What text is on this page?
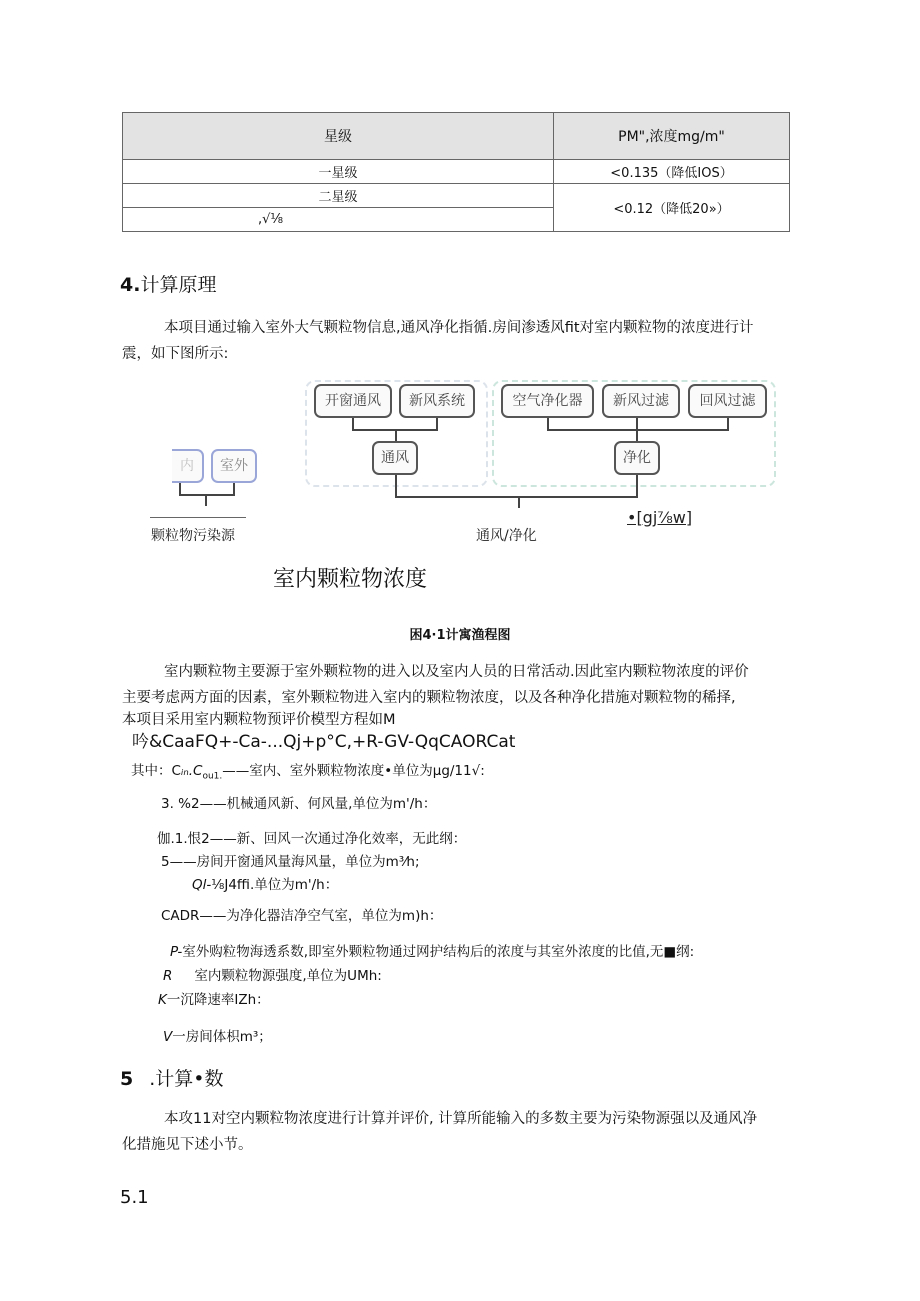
星级	PM",浓度mg∕m"
一星级	<0.135（降低IOS）
二星级	<0.12（降低20»）
,√⅛	
4.计算原理
本项目通过输入室外大气颗粒物信息,通风净化指循.房间渗透风fit对室内颗粒物的浓度进行计

震，如下图所示:
内	室外
颗粒物污染源
开窗通风	新风系统
通风
空气净化器	新风过滤	回风过滤
净化
通风/净化
•[gj⅞w]
室内颗粒物浓度
困4·1计寓渔程图
室内颗粒物主要源于室外颗粒物的进入以及室内人员的日常活动.因此室内颗粒物浓度的评价
主要考虑两方面的因素，室外颗粒物进入室内的颗粒物浓度，以及各种净化措施对颗粒物的稀择,
本项目采用室内颗粒物预评价模型方程如M
吟&CaaFQ+-Ca-...Qj+p°C,+R-GV-QqCAORCat
其中：$Cᵢ_n.C_{ou1.}——$室内、室外颗粒物浓度•单位为μg∕11√:
3. %2——机械通风新、何风量,单位为m'/h：
伽.1.恨2——新、回风一次通过净化效率，无此纲：
5——房间开窗通风量海风量，单位为m³⁄h;
Ql-⅛J4ffi.单位为m'/h：
CADR——为净化器洁净空气室，单位为m)h：
P-室外购粒物海透系数,即室外颗粒物通过网护结构后的浓度与其室外浓度的比值,无■纲:
R 室内颗粒物源强度,单位为UMh:
K一沉降速率IZh：
V一房间体枳m³；
5 .计算•数
本攻11对空内颗粒物浓度进行计算并评价, 计算所能输入的多数主要为污染物源强以及通风净
化措施见下述小节。
5.1
